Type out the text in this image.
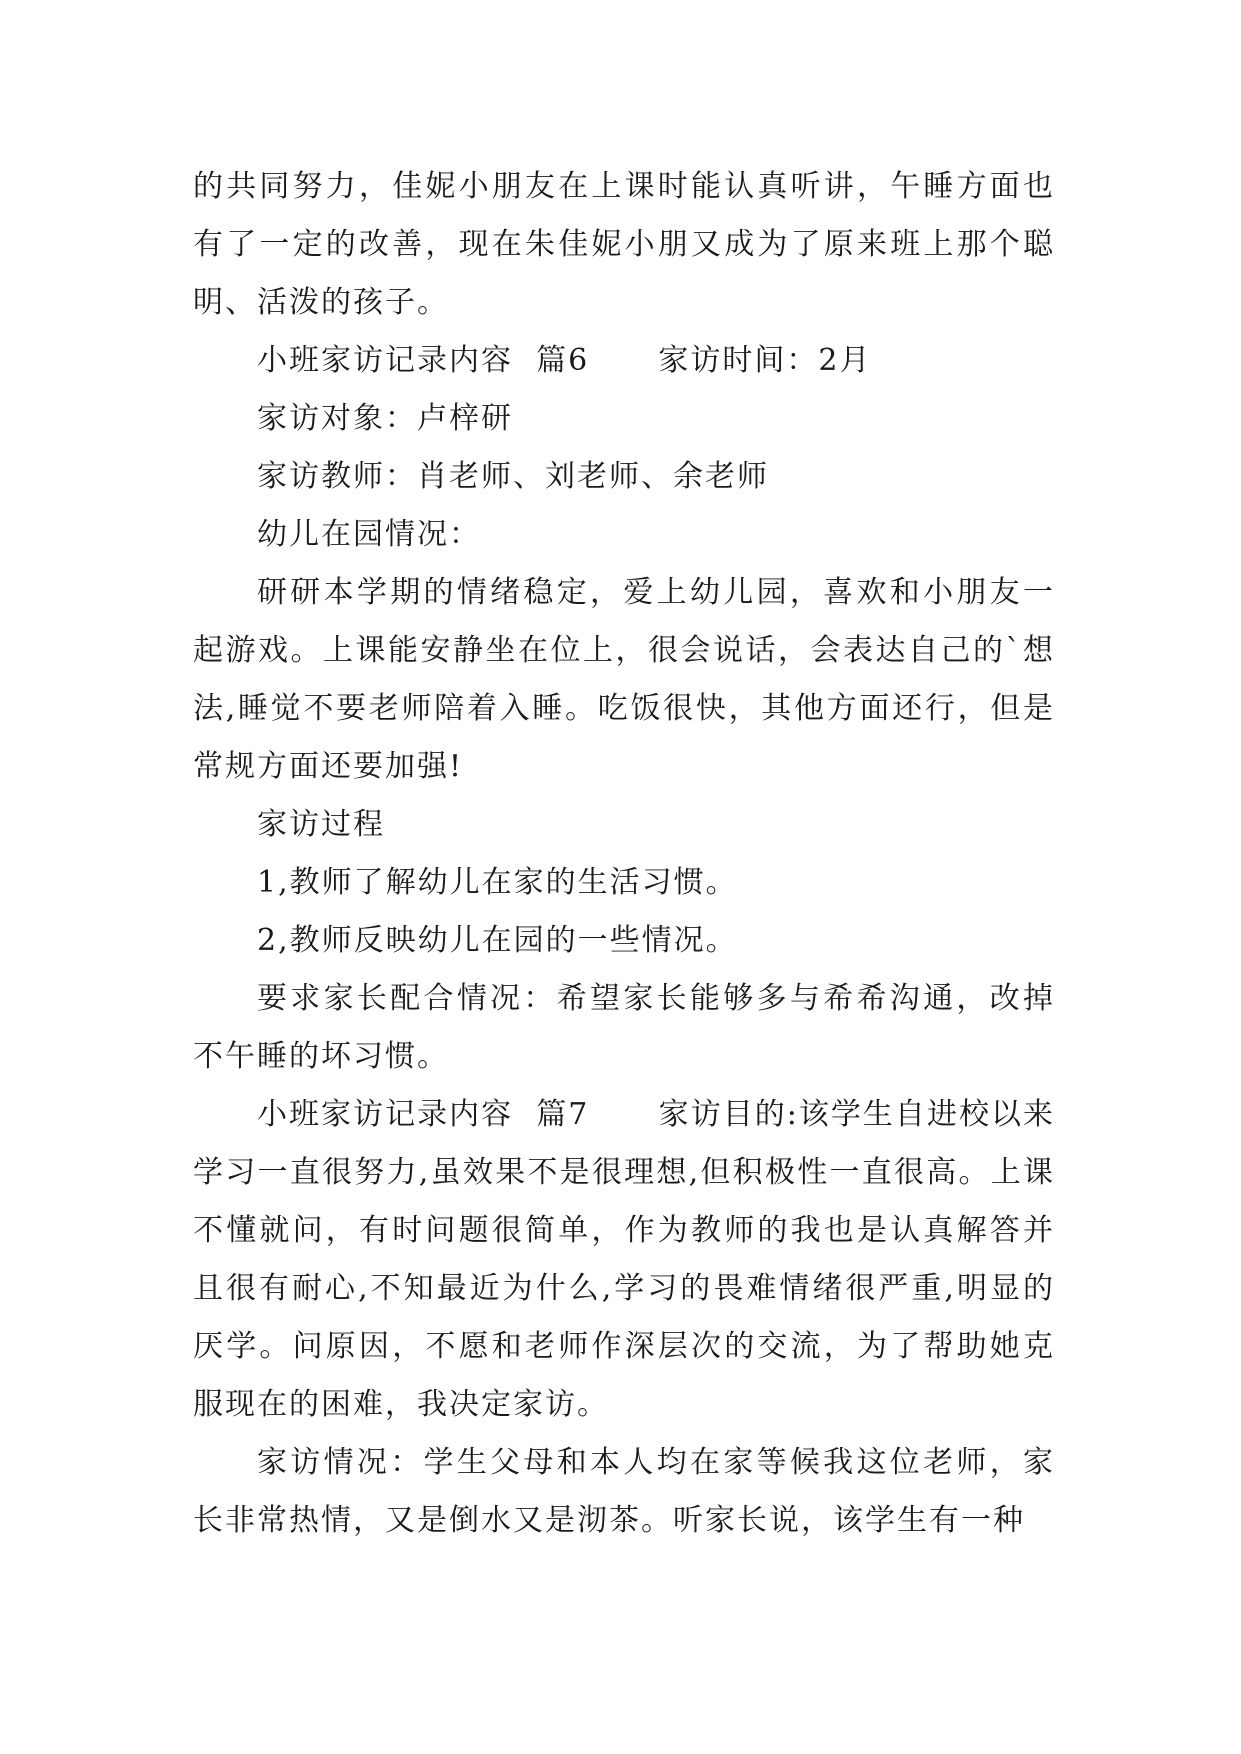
的共同努力，佳妮小朋友在上课时能认真听讲，午睡方面也有了一定的改善，现在朱佳妮小朋又成为了原来班上那个聪明、活泼的孩子。

小班家访记录内容  篇6      家访时间：2月

家访对象：卢梓研

家访教师：肖老师、刘老师、余老师

幼儿在园情况：

研研本学期的情绪稳定，爱上幼儿园，喜欢和小朋友一起游戏。上课能安静坐在位上，很会说话，会表达自己的`想法,睡觉不要老师陪着入睡。吃饭很快，其他方面还行，但是常规方面还要加强!

家访过程

1,教师了解幼儿在家的生活习惯。

2,教师反映幼儿在园的一些情况。

要求家长配合情况：希望家长能够多与希希沟通，改掉不午睡的坏习惯。

小班家访记录内容  篇7      家访目的:该学生自进校以来学习一直很努力,虽效果不是很理想,但积极性一直很高。上课不懂就问，有时问题很简单，作为教师的我也是认真解答并且很有耐心,不知最近为什么,学习的畏难情绪很严重,明显的厌学。问原因，不愿和老师作深层次的交流，为了帮助她克服现在的困难，我决定家访。

家访情况：学生父母和本人均在家等候我这位老师，家长非常热情，又是倒水又是沏茶。听家长说，该学生有一种
